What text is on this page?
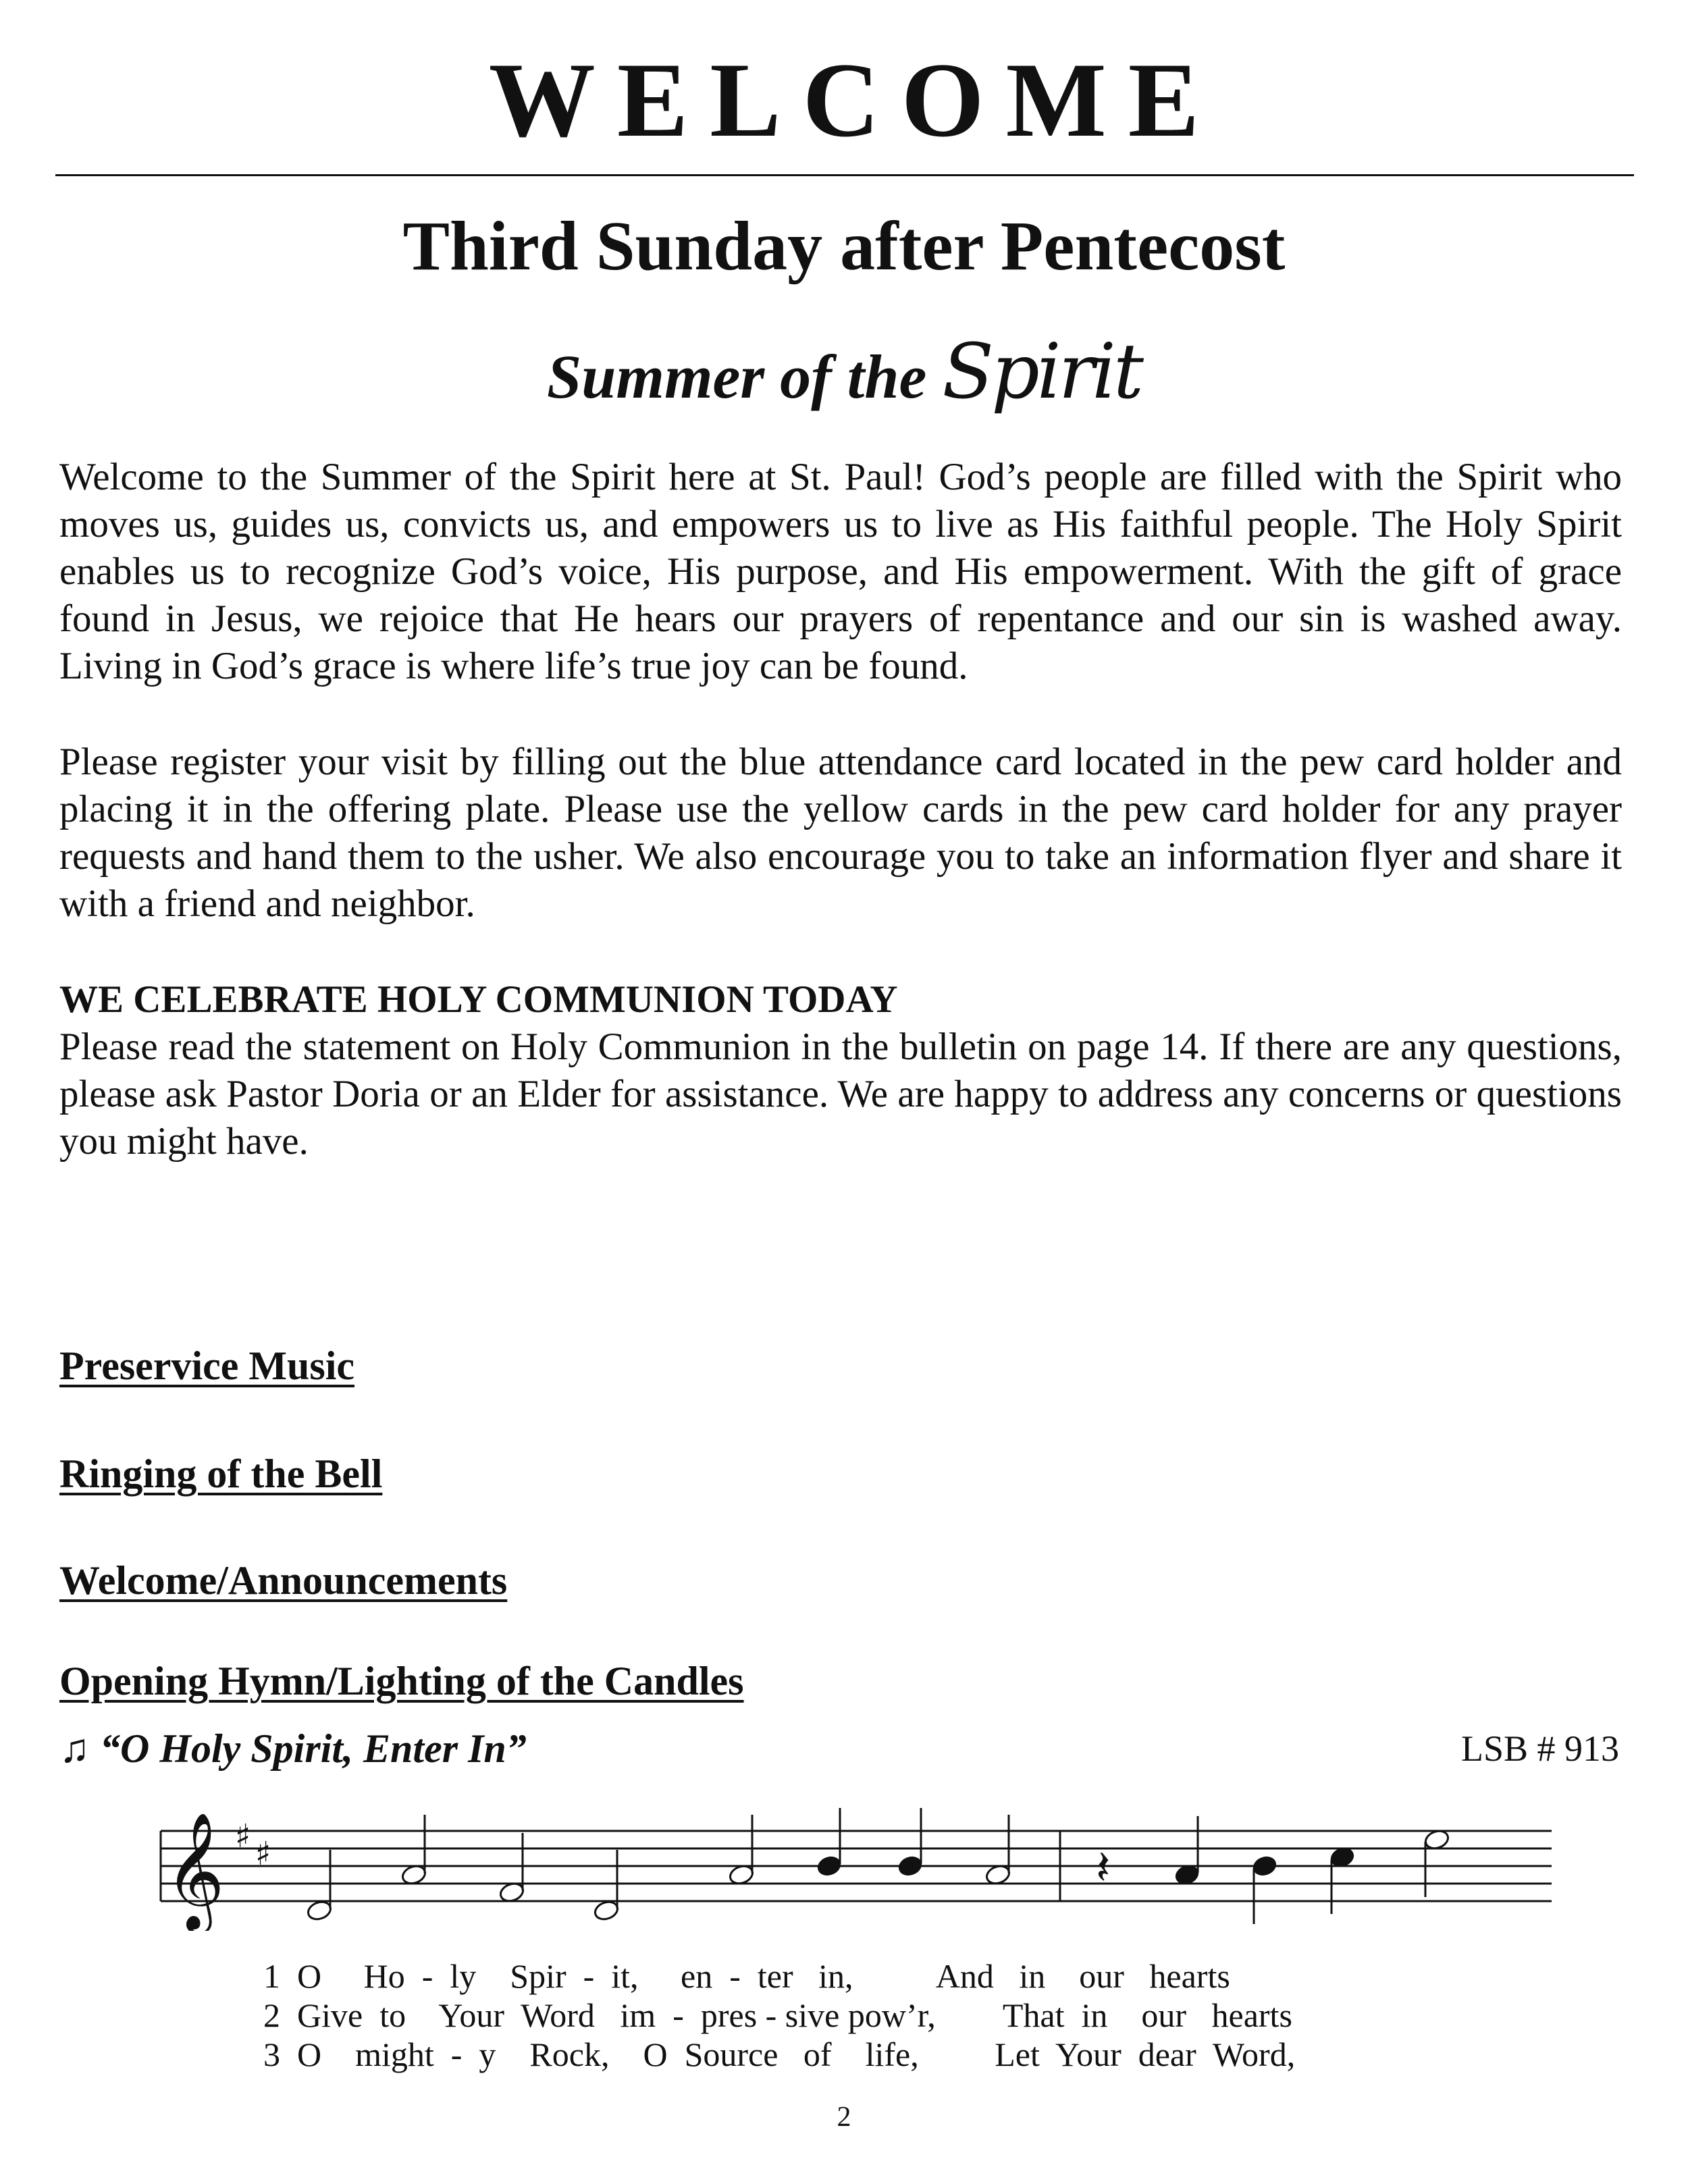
WELCOME
Third Sunday after Pentecost
Summer of the Spirit

Welcome to the Summer of the Spirit here at St. Paul! God’s people are filled with the Spirit who moves us, guides us, convicts us, and empowers us to live as His faithful people. The Holy Spirit enables us to recognize God’s voice, His purpose, and His empowerment. With the gift of grace found in Jesus, we rejoice that He hears our prayers of repentance and our sin is washed away. Living in God’s grace is where life’s true joy can be found.

Please register your visit by filling out the blue attendance card located in the pew card holder and placing it in the offering plate. Please use the yellow cards in the pew card holder for any prayer requests and hand them to the usher. We also encourage you to take an information flyer and share it with a friend and neighbor.

WE CELEBRATE HOLY COMMUNION TODAY

Please read the statement on Holy Communion in the bulletin on page 14. If there are any questions, please ask Pastor Doria or an Elder for assistance. We are happy to address any concerns or questions you might have.

Preservice Music
Ringing of the Bell
Welcome/Announcements
Opening Hymn/Lighting of the Candles
♫ “O Holy Spirit, Enter In”	LSB # 913
𝄞 ♯ ♯	𝄽
1  O     Ho  -  ly    Spir  -  it,     en  -  ter   in,          And   in    our   hearts
2  Give  to    Your  Word   im  -  pres - sive pow’r,        That  in    our   hearts
3  O    might  -  y    Rock,    O  Source   of    life,         Let  Your  dear  Word,
2
